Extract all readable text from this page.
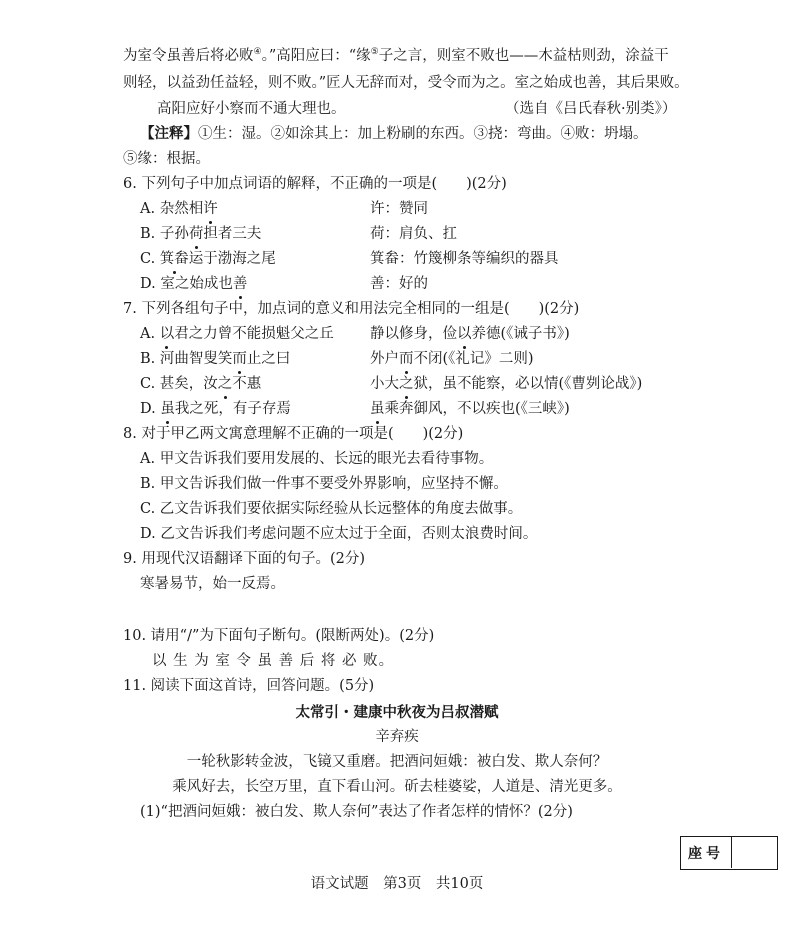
为室令虽善后将必败④。”高阳应曰：“缘⑤子之言，则室不败也——木益枯则劲，涂益干
则轻，以益劲任益轻，则不败。”匠人无辞而对，受令而为之。室之始成也善，其后果败。
高阳应好小察而不通大理也。	（选自《吕氏春秋·别类》）
【注释】①生：湿。②如涂其上：加上粉刷的东西。③挠：弯曲。④败：坍塌。
⑤缘：根据。
6. 下列句子中加点词语的解释，不正确的一项是(　　)(2分)
A. 杂然相许	许：赞同
B. 子孙荷担者三夫	荷：肩负、扛
C. 箕畚运于渤海之尾	箕畚：竹篾柳条等编织的器具
D. 室之始成也善	善：好的
7. 下列各组句子中，加点词的意义和用法完全相同的一组是(　　)(2分)
A. 以君之力曾不能损魁父之丘	静以修身，俭以养德(《诫子书》)
B. 河曲智叟笑而止之曰	外户而不闭(《礼记》二则)
C. 甚矣，汝之不惠	小大之狱，虽不能察，必以情(《曹刿论战》)
D. 虽我之死，有子存焉	虽乘奔御风，不以疾也(《三峡》)
8. 对于甲乙两文寓意理解不正确的一项是(　　)(2分)
A. 甲文告诉我们要用发展的、长远的眼光去看待事物。
B. 甲文告诉我们做一件事不要受外界影响，应坚持不懈。
C. 乙文告诉我们要依据实际经验从长远整体的角度去做事。
D. 乙文告诉我们考虑问题不应太过于全面，否则太浪费时间。
9. 用现代汉语翻译下面的句子。(2分)
寒暑易节，始一反焉。
10. 请用“/”为下面句子断句。(限断两处)。(2分)
以 生 为 室 令 虽 善 后 将 必 败。
11. 阅读下面这首诗，回答问题。(5分)
太常引・建康中秋夜为吕叔潜赋
辛弃疾
一轮秋影转金波，飞镜又重磨。把酒问姮娥：被白发、欺人奈何？
乘风好去，长空万里，直下看山河。斫去桂婆娑，人道是、清光更多。
(1)“把酒问姮娥：被白发、欺人奈何”表达了作者怎样的情怀？(2分)
座号
语文试题　第3页　共10页
